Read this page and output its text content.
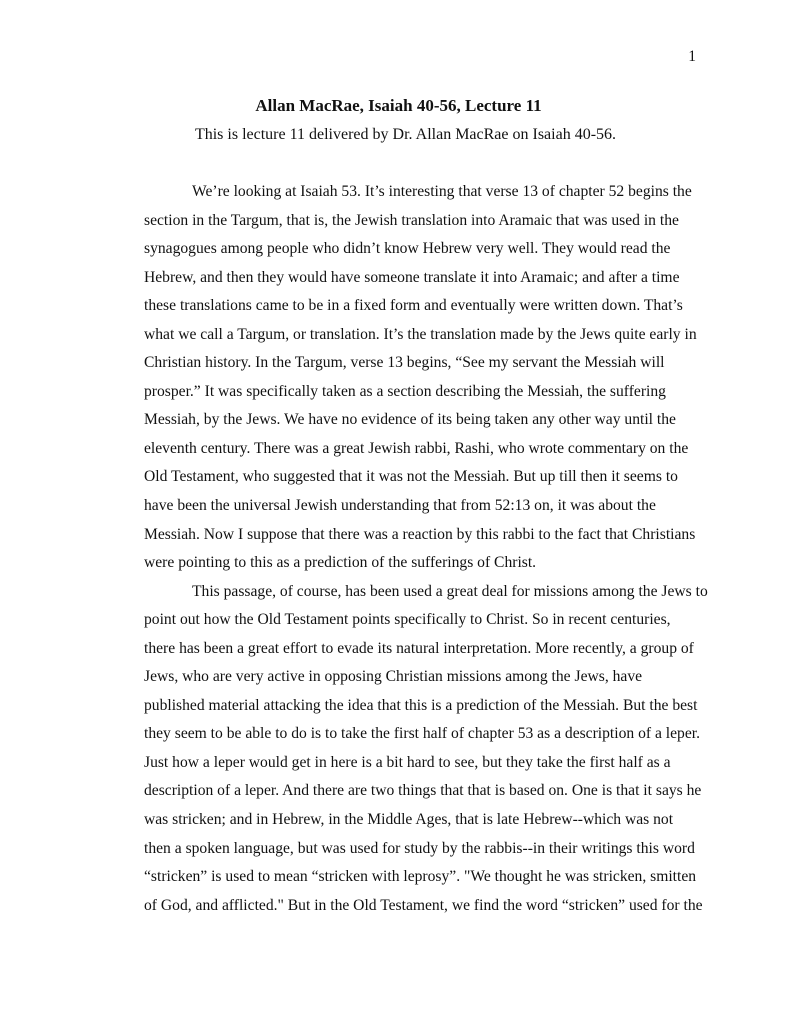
1
Allan MacRae, Isaiah 40-56, Lecture 11

This is lecture 11 delivered by Dr. Allan MacRae on Isaiah 40-56.

We’re looking at Isaiah 53. It’s interesting that verse 13 of chapter 52 begins the
section in the Targum, that is, the Jewish translation into Aramaic that was used in the
synagogues among people who didn’t know Hebrew very well. They would read the
Hebrew, and then they would have someone translate it into Aramaic; and after a time
these translations came to be in a fixed form and eventually were written down. That’s
what we call a Targum, or translation. It’s the translation made by the Jews quite early in
Christian history. In the Targum, verse 13 begins, “See my servant the Messiah will
prosper.” It was specifically taken as a section describing the Messiah, the suffering
Messiah, by the Jews. We have no evidence of its being taken any other way until the
eleventh century. There was a great Jewish rabbi, Rashi, who wrote commentary on the
Old Testament, who suggested that it was not the Messiah. But up till then it seems to
have been the universal Jewish understanding that from 52:13 on, it was about the
Messiah. Now I suppose that there was a reaction by this rabbi to the fact that Christians
were pointing to this as a prediction of the sufferings of Christ.
This passage, of course, has been used a great deal for missions among the Jews to
point out how the Old Testament points specifically to Christ. So in recent centuries,
there has been a great effort to evade its natural interpretation. More recently, a group of
Jews, who are very active in opposing Christian missions among the Jews, have
published material attacking the idea that this is a prediction of the Messiah. But the best
they seem to be able to do is to take the first half of chapter 53 as a description of a leper.
Just how a leper would get in here is a bit hard to see, but they take the first half as a
description of a leper. And there are two things that that is based on. One is that it says he
was stricken; and in Hebrew, in the Middle Ages, that is late Hebrew--which was not
then a spoken language, but was used for study by the rabbis--in their writings this word
“stricken” is used to mean “stricken with leprosy”. "We thought he was stricken, smitten
of God, and afflicted." But in the Old Testament, we find the word “stricken” used for the
